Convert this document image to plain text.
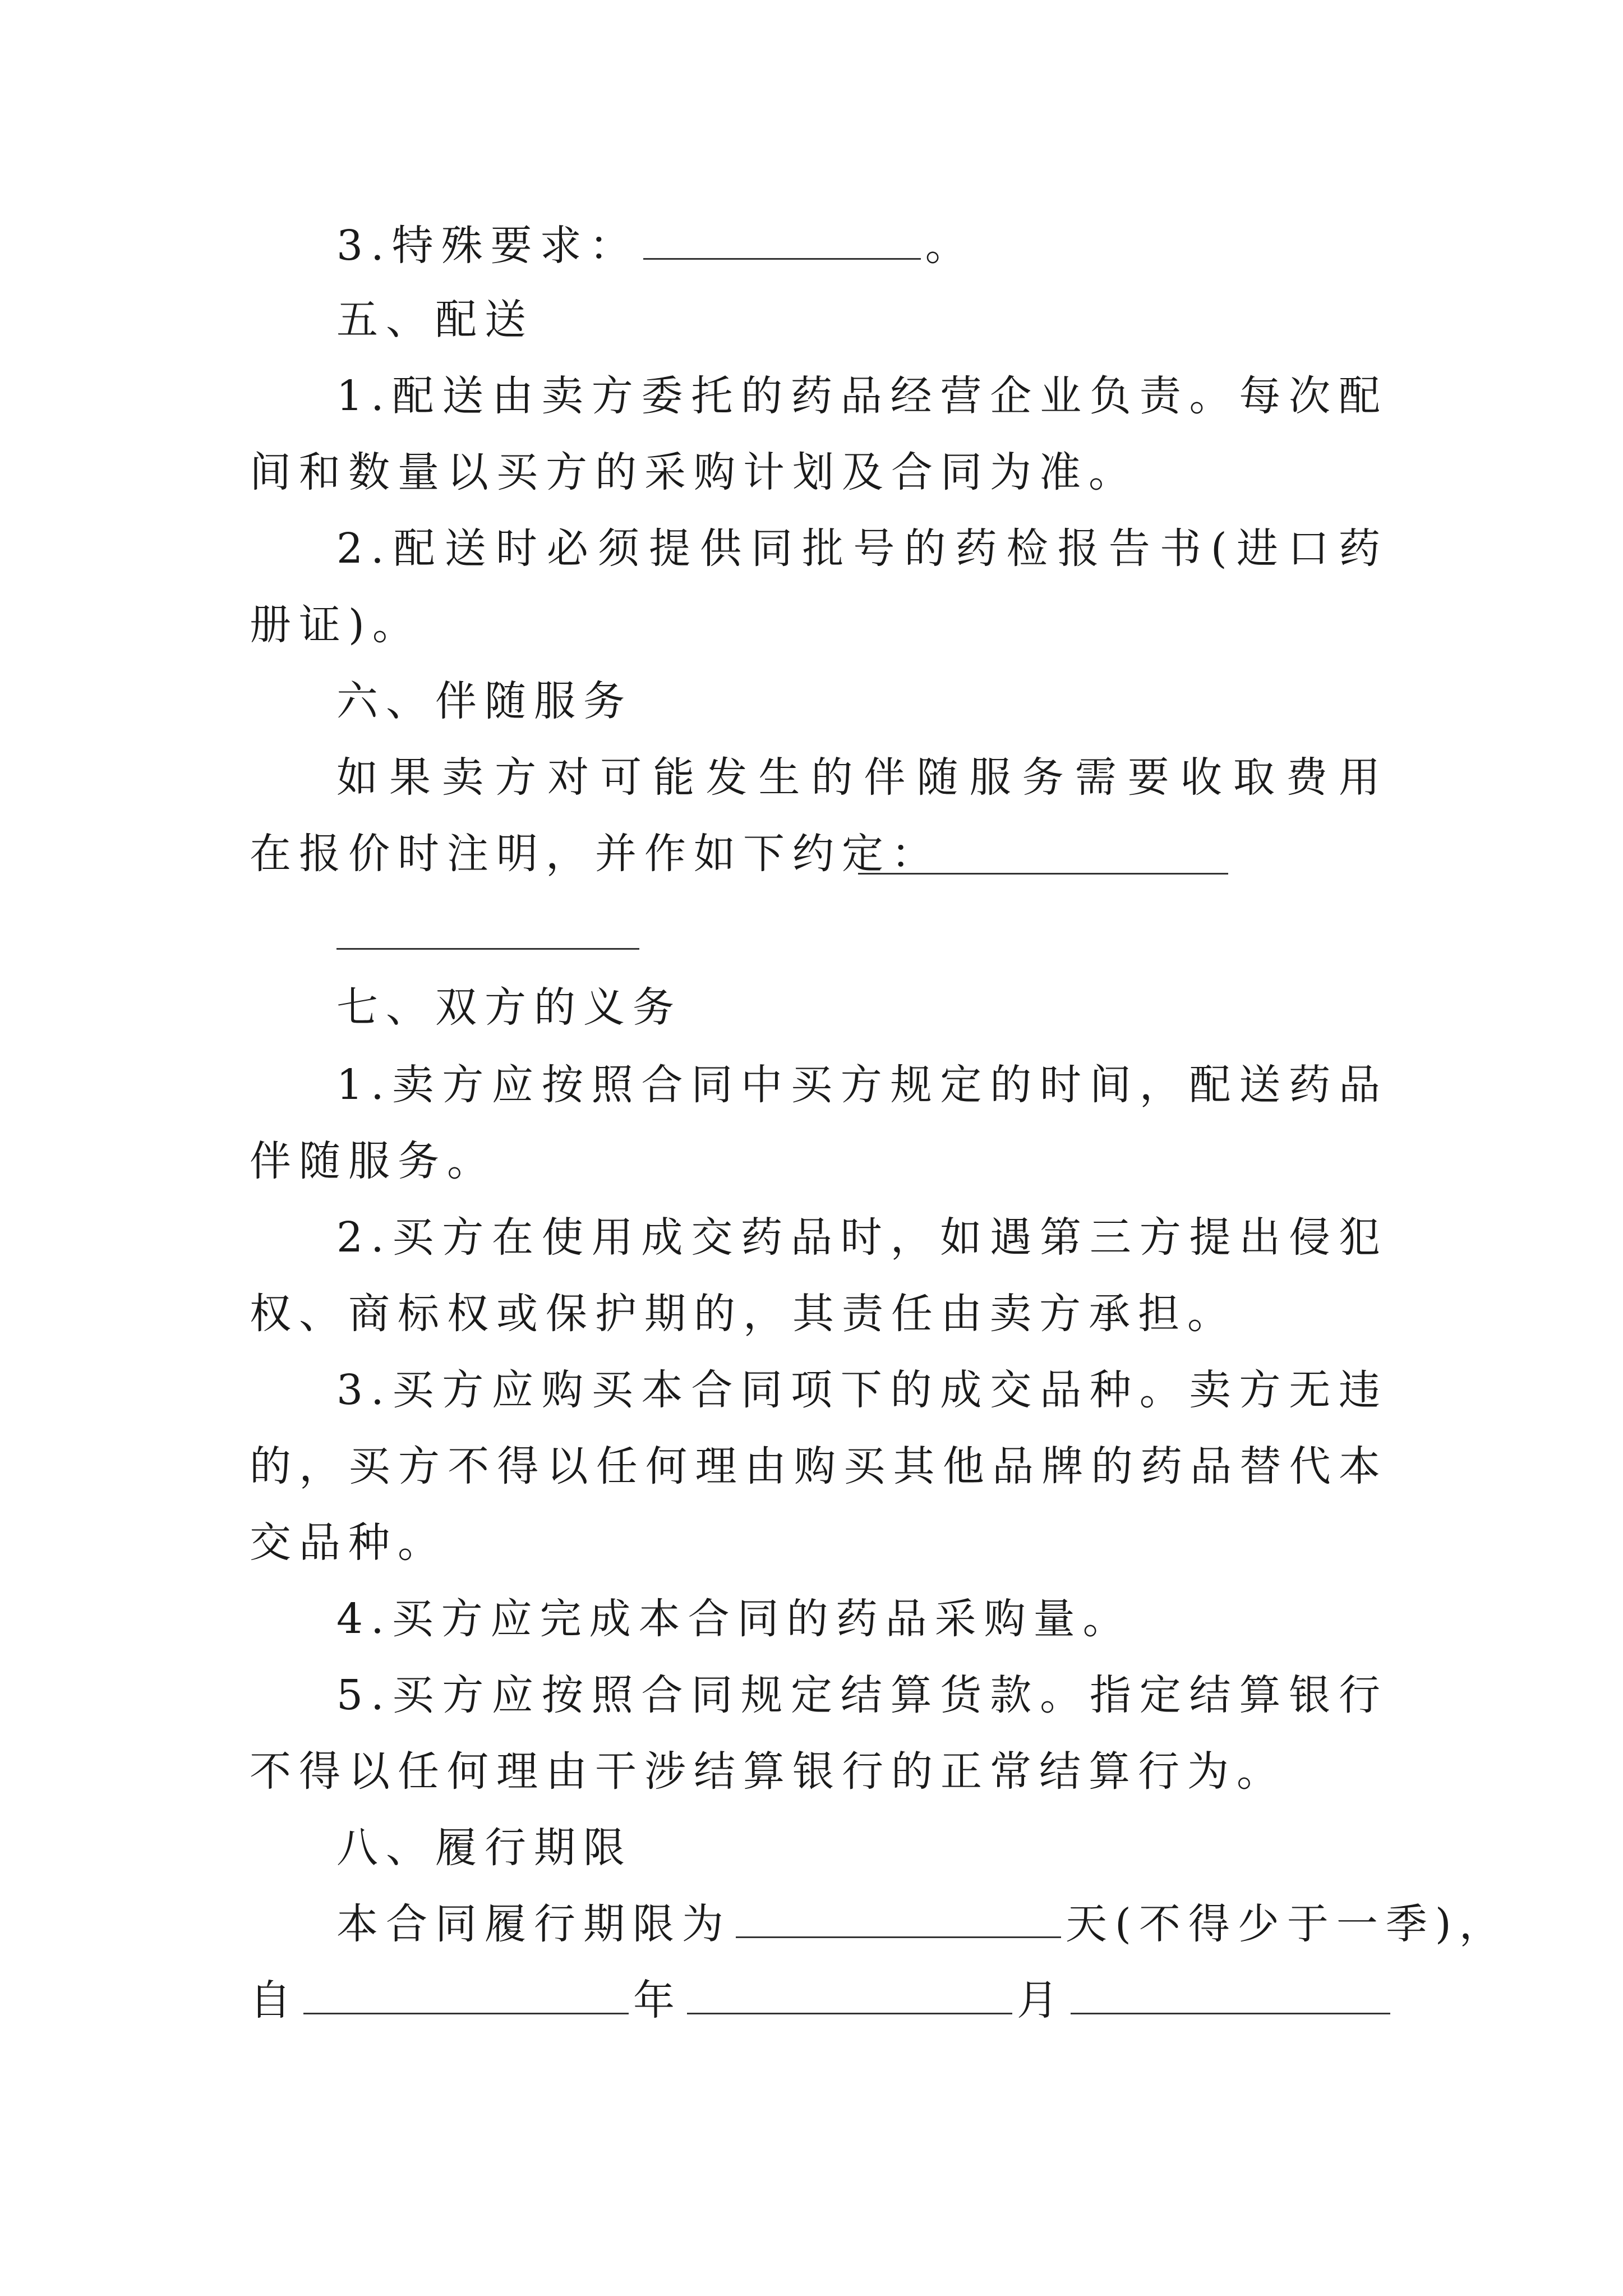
3.特殊要求：	。
五、配送
1.配送由卖方委托的药品经营企业负责。每次配
间和数量以买方的采购计划及合同为准。
2.配送时必须提供同批号的药检报告书(进口药
册证)。
六、伴随服务
如果卖方对可能发生的伴随服务需要收取费用
在报价时注明，并作如下约定：
七、双方的义务
1.卖方应按照合同中买方规定的时间，配送药品
伴随服务。
2.买方在使用成交药品时，如遇第三方提出侵犯
权、商标权或保护期的，其责任由卖方承担。
3.买方应购买本合同项下的成交品种。卖方无违
的，买方不得以任何理由购买其他品牌的药品替代本
交品种。
4.买方应完成本合同的药品采购量。
5.买方应按照合同规定结算货款。指定结算银行
不得以任何理由干涉结算银行的正常结算行为。
八、履行期限
本合同履行期限为	天(不得少于一季)，
自	年	月
